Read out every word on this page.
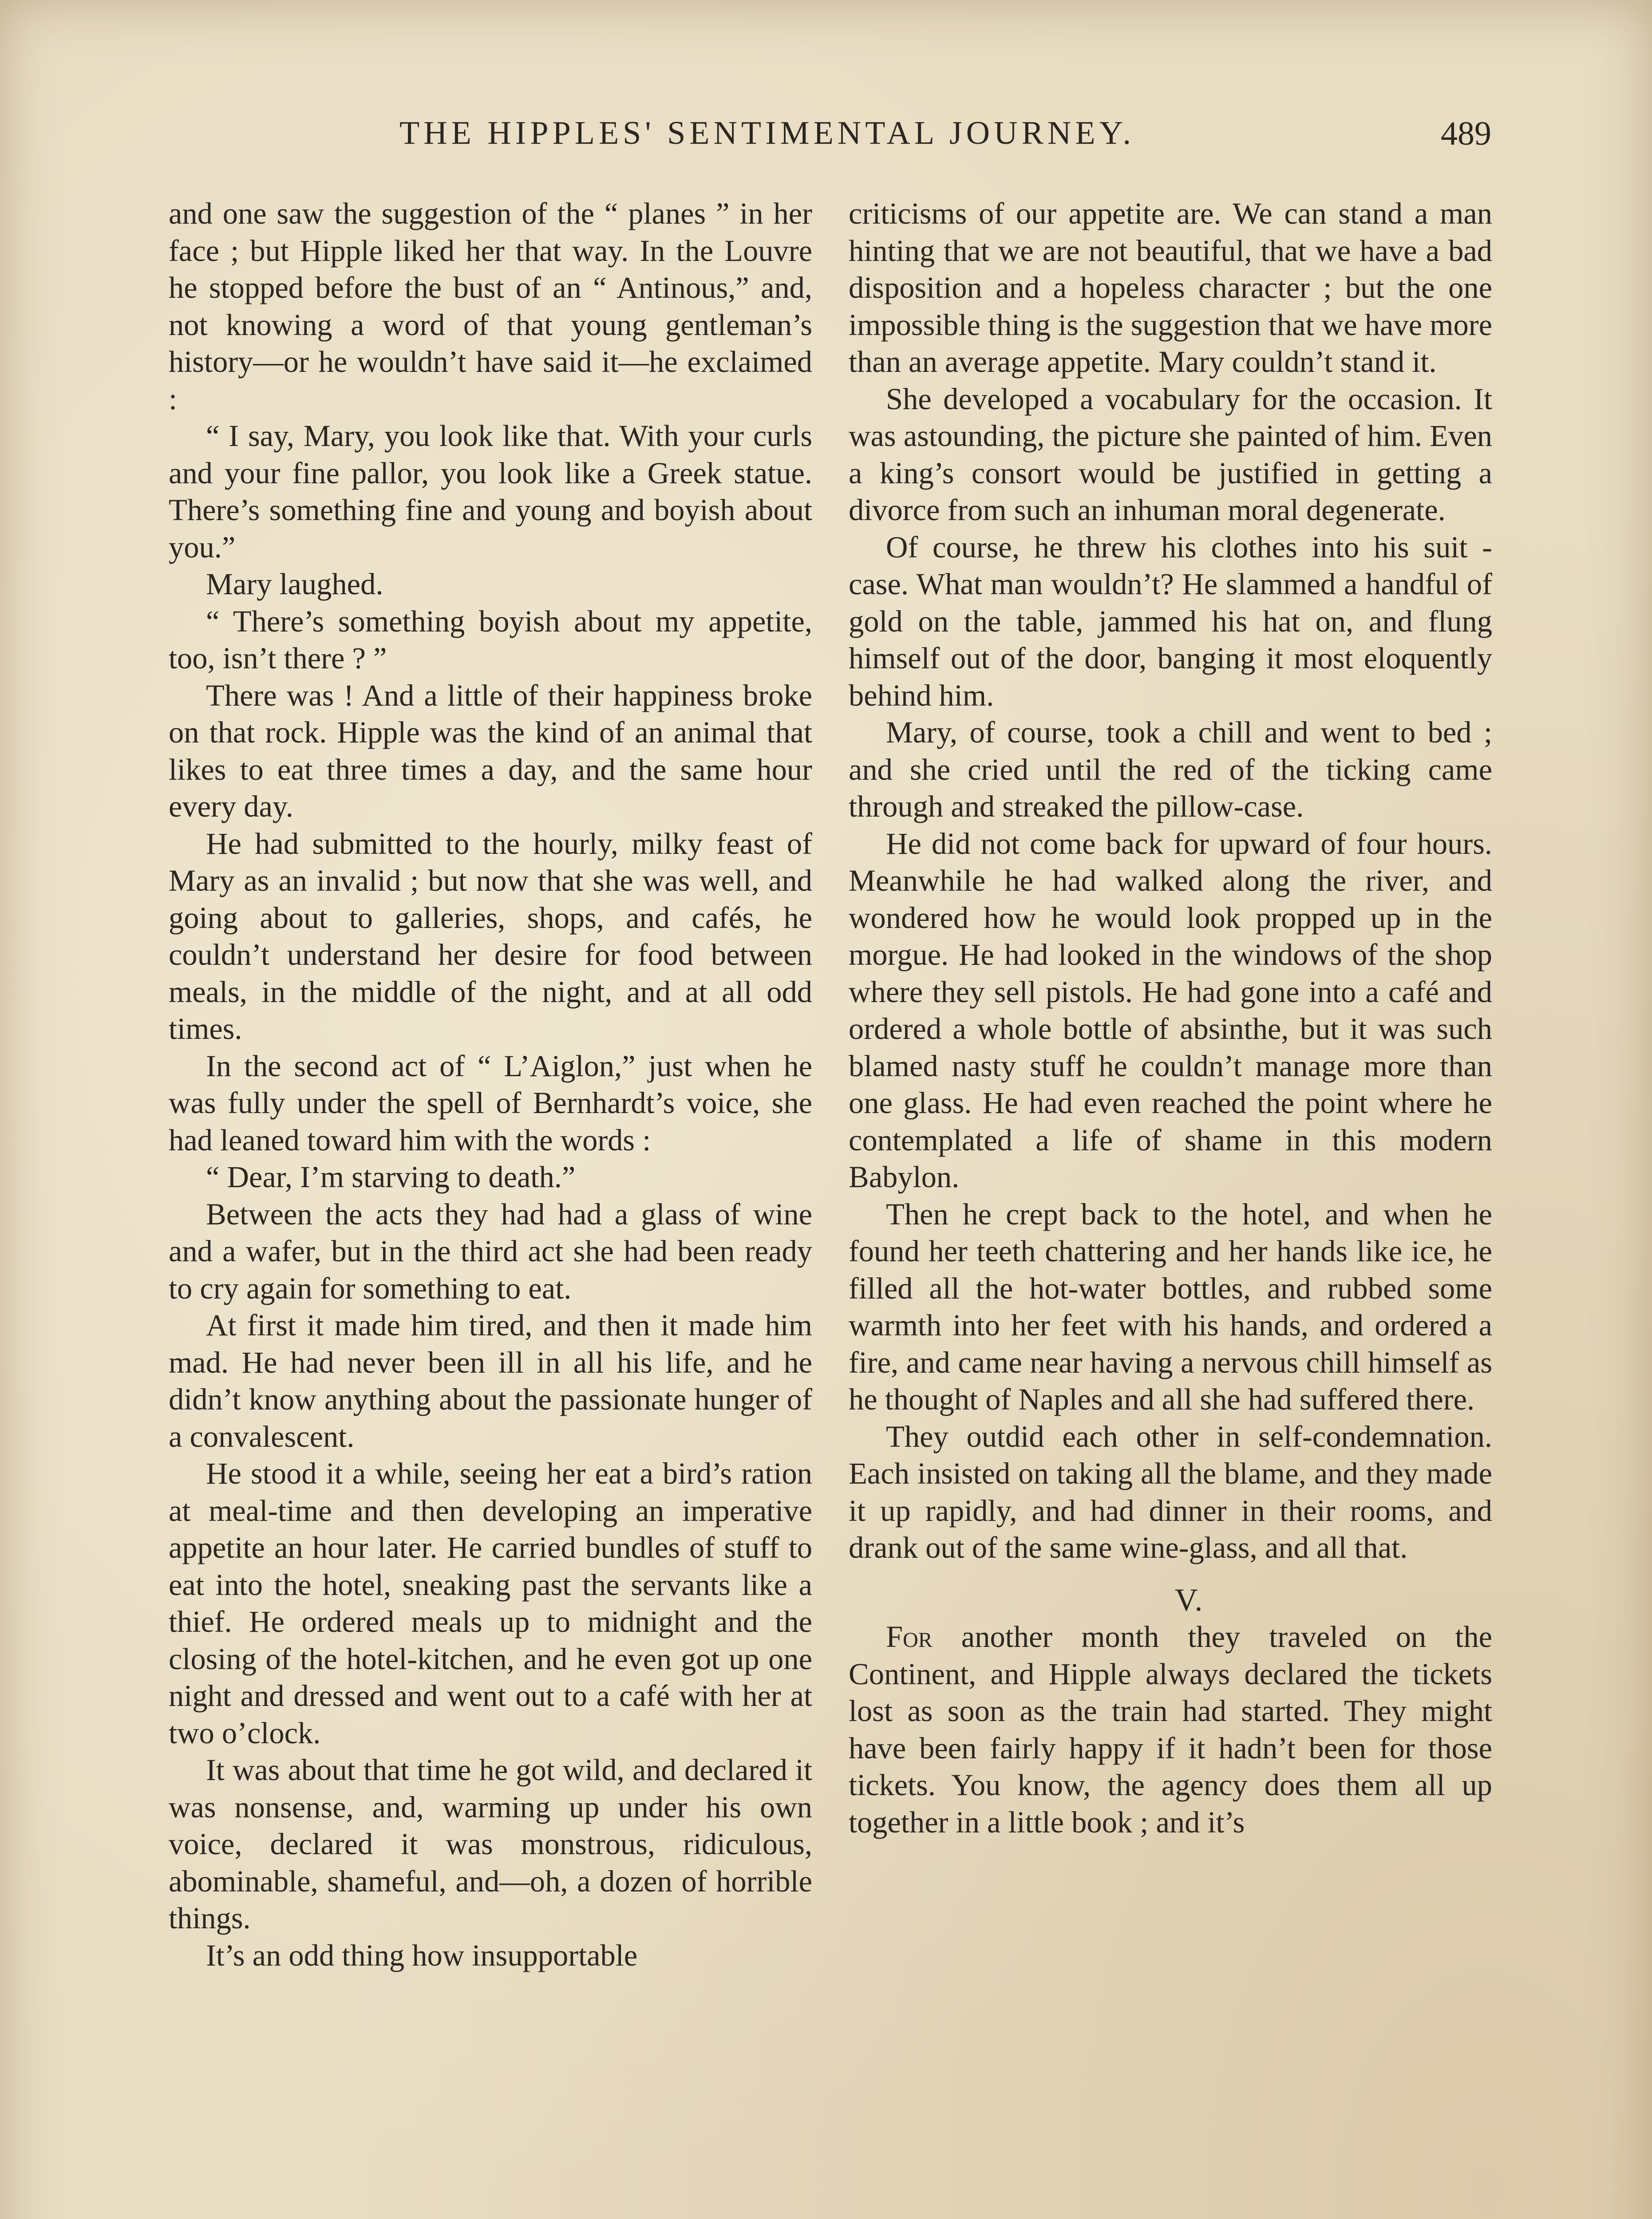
THE HIPPLES' SENTIMENTAL JOURNEY.	489

and one saw the suggestion of the “ planes ” in her face ; but Hipple liked her that way. In the Louvre he stopped before the bust of an “ Antinous,” and, not knowing a word of that young gentleman’s history—or he wouldn’t have said it—he exclaimed :

“ I say, Mary, you look like that. With your curls and your fine pallor, you look like a Greek statue. There’s something fine and young and boyish about you.”

Mary laughed.

“ There’s something boyish about my appetite, too, isn’t there ? ”

There was ! And a little of their happiness broke on that rock. Hipple was the kind of an animal that likes to eat three times a day, and the same hour every day.

He had submitted to the hourly, milky feast of Mary as an invalid ; but now that she was well, and going about to galleries, shops, and cafés, he couldn’t understand her desire for food between meals, in the middle of the night, and at all odd times.

In the second act of “ L’Aiglon,” just when he was fully under the spell of Bernhardt’s voice, she had leaned toward him with the words :

“ Dear, I’m starving to death.”

Between the acts they had had a glass of wine and a wafer, but in the third act she had been ready to cry again for something to eat.

At first it made him tired, and then it made him mad. He had never been ill in all his life, and he didn’t know anything about the passionate hunger of a convalescent.

He stood it a while, seeing her eat a bird’s ration at meal-time and then developing an imperative appetite an hour later. He carried bundles of stuff to eat into the hotel, sneaking past the servants like a thief. He ordered meals up to midnight and the closing of the hotel-kitchen, and he even got up one night and dressed and went out to a café with her at two o’clock.

It was about that time he got wild, and declared it was nonsense, and, warming up under his own voice, declared it was monstrous, ridiculous, abominable, shameful, and—oh, a dozen of horrible things.

It’s an odd thing how insupportable

criticisms of our appetite are. We can stand a man hinting that we are not beautiful, that we have a bad disposition and a hopeless character ; but the one impossible thing is the suggestion that we have more than an average appetite. Mary couldn’t stand it.

She developed a vocabulary for the occasion. It was astounding, the picture she painted of him. Even a king’s consort would be justified in getting a divorce from such an inhuman moral degenerate.

Of course, he threw his clothes into his suit - case. What man wouldn’t? He slammed a handful of gold on the table, jammed his hat on, and flung himself out of the door, banging it most eloquently behind him.

Mary, of course, took a chill and went to bed ; and she cried until the red of the ticking came through and streaked the pillow-case.

He did not come back for upward of four hours. Meanwhile he had walked along the river, and wondered how he would look propped up in the morgue. He had looked in the windows of the shop where they sell pistols. He had gone into a café and ordered a whole bottle of absinthe, but it was such blamed nasty stuff he couldn’t manage more than one glass. He had even reached the point where he contemplated a life of shame in this modern Babylon.

Then he crept back to the hotel, and when he found her teeth chattering and her hands like ice, he filled all the hot-water bottles, and rubbed some warmth into her feet with his hands, and ordered a fire, and came near having a nervous chill himself as he thought of Naples and all she had suffered there.

They outdid each other in self-condemnation. Each insisted on taking all the blame, and they made it up rapidly, and had dinner in their rooms, and drank out of the same wine-glass, and all that.

V.

For another month they traveled on the Continent, and Hipple always declared the tickets lost as soon as the train had started. They might have been fairly happy if it hadn’t been for those tickets. You know, the agency does them all up together in a little book ; and it’s
